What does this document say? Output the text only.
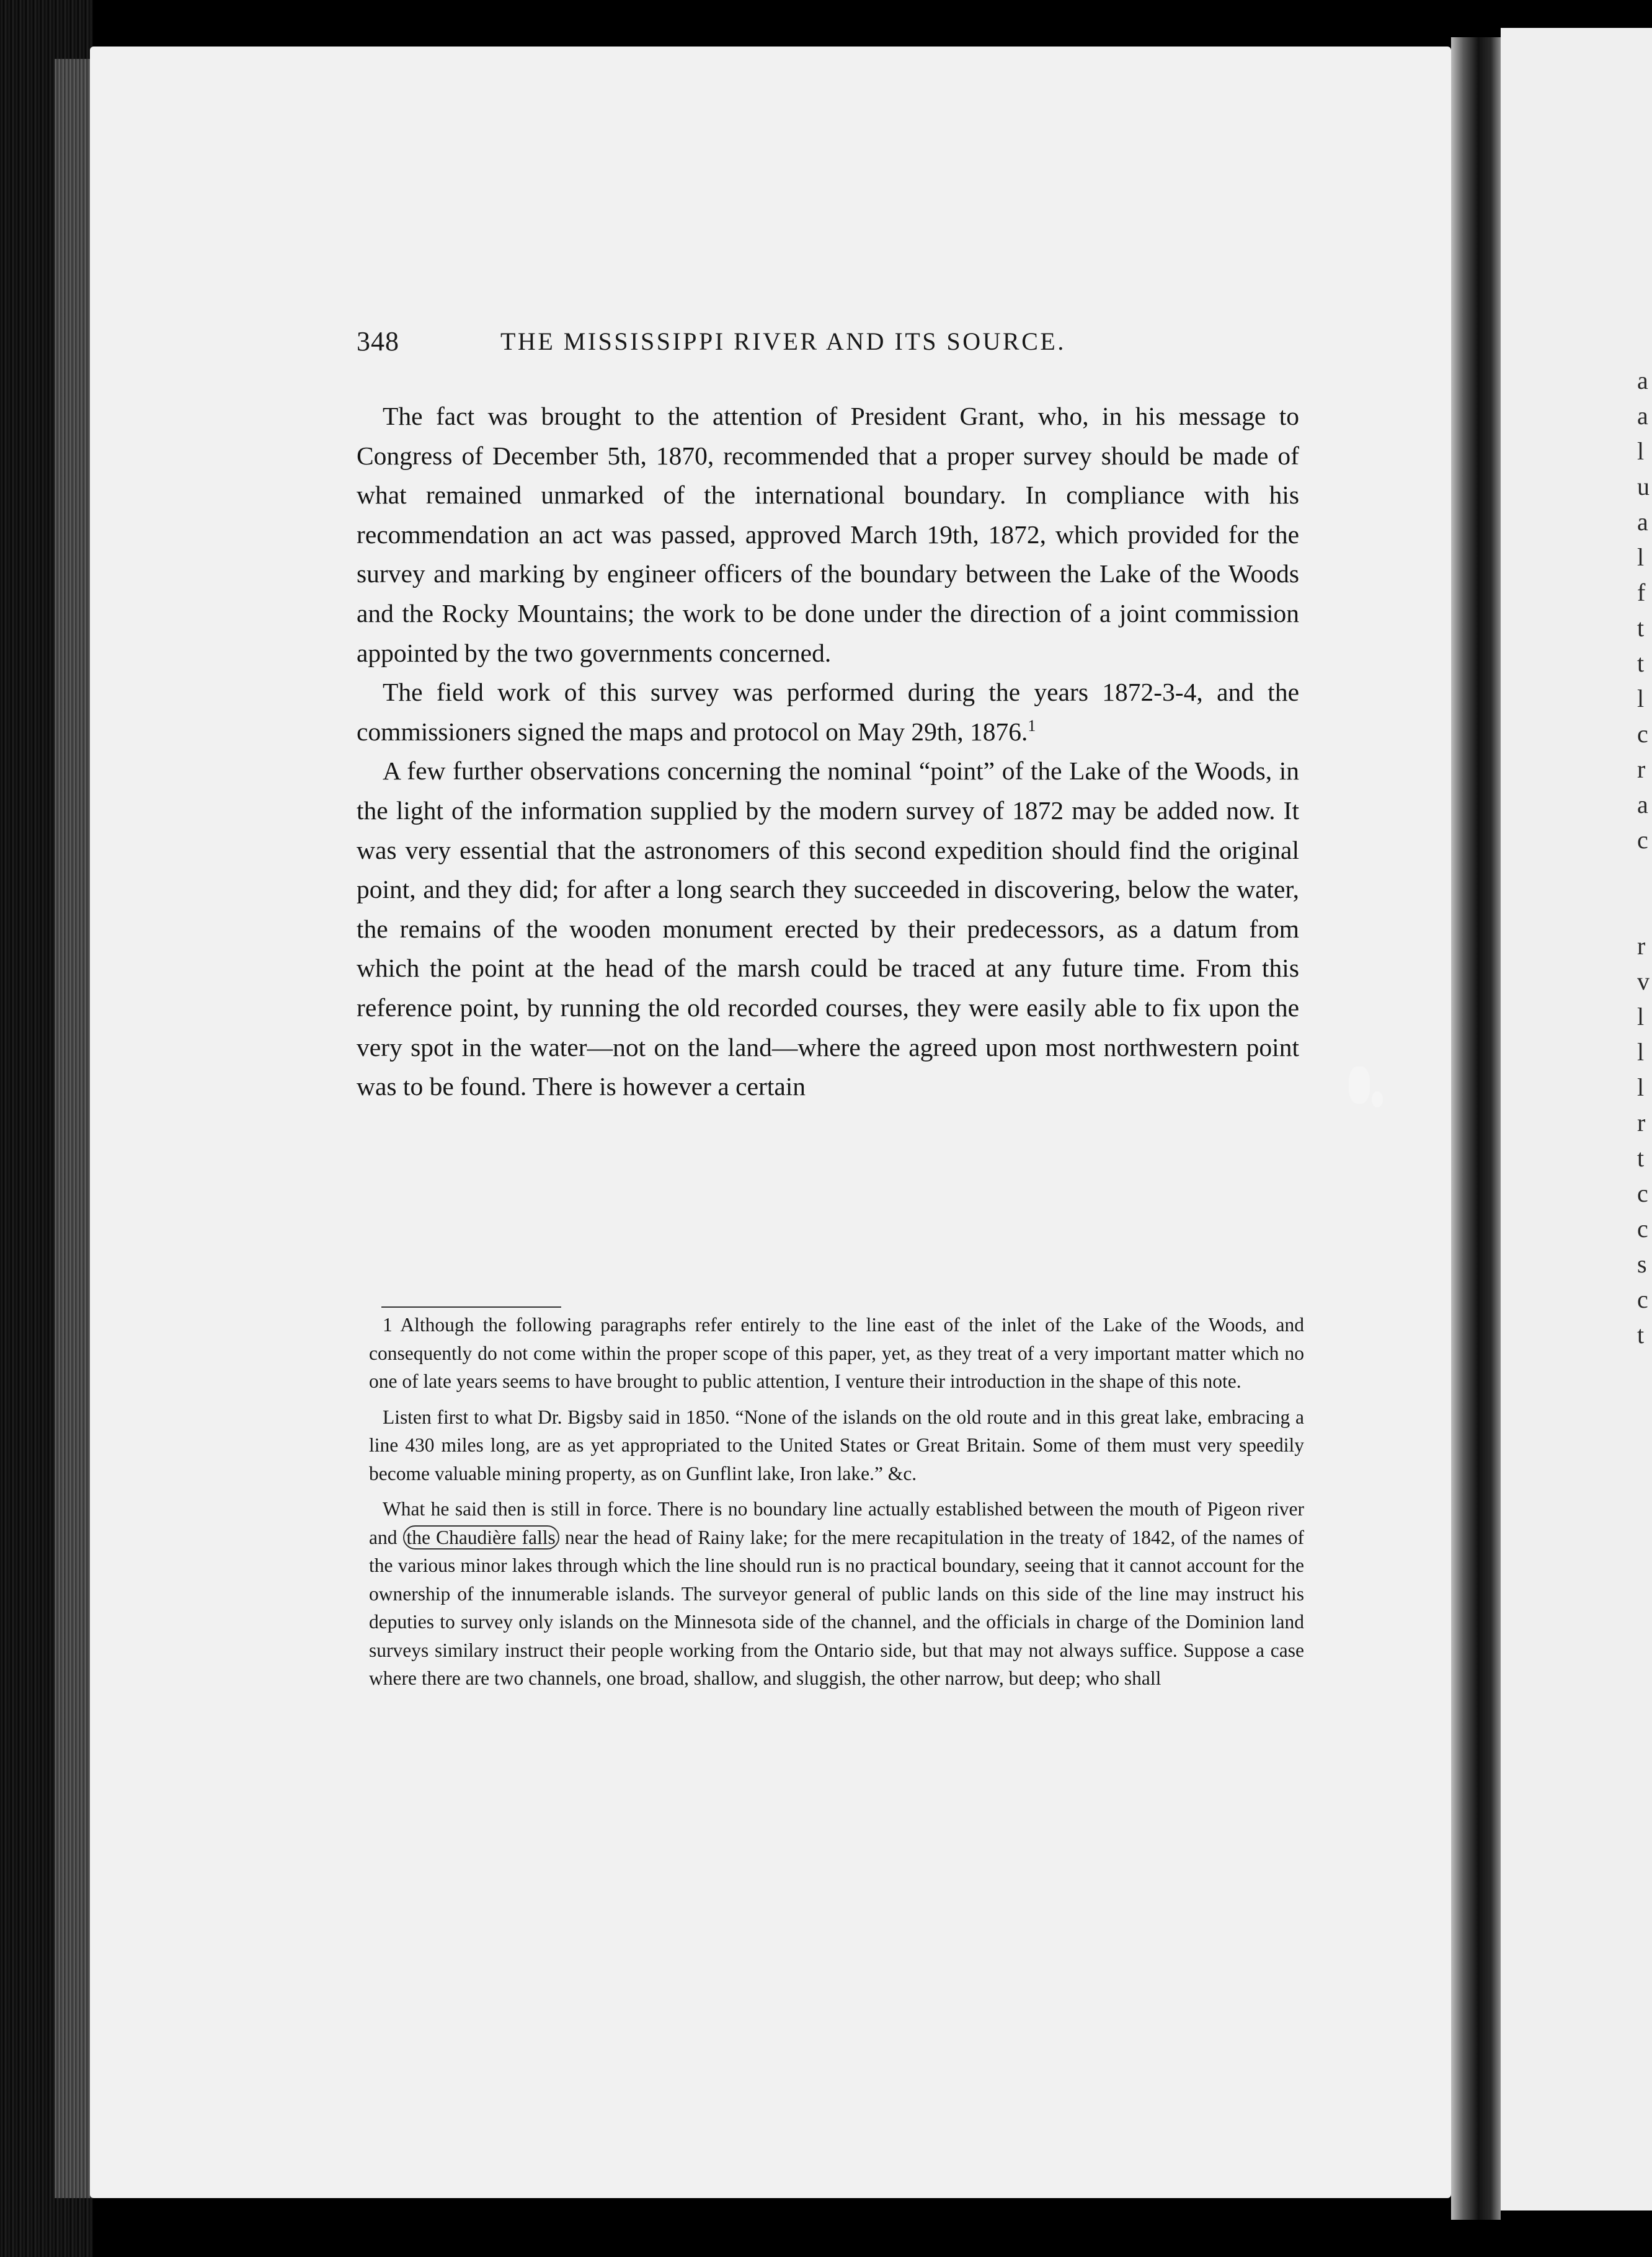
a
a
l
u
a
l
f
t
t
l
c
r
a
c
r
v
l
l
l
r
t
c
c
s
c
t
348	THE MISSISSIPPI RIVER AND ITS SOURCE.

The fact was brought to the attention of President Grant, who, in his message to Congress of December 5th, 1870, recommended that a proper survey should be made of what remained unmarked of the international boundary. In compliance with his recommendation an act was passed, approved March 19th, 1872, which provided for the survey and marking by engineer officers of the boundary between the Lake of the Woods and the Rocky Mountains; the work to be done under the direction of a joint commission appointed by the two governments concerned.

The field work of this survey was performed during the years 1872-3-4, and the commissioners signed the maps and protocol on May 29th, 1876.$^1$

A few further observations concerning the nominal “point” of the Lake of the Woods, in the light of the information supplied by the modern survey of 1872 may be added now. It was very essential that the astronomers of this second expedition should find the original point, and they did; for after a long search they succeeded in discovering, below the water, the remains of the wooden monument erected by their predecessors, as a datum from which the point at the head of the marsh could be traced at any future time. From this reference point, by running the old recorded courses, they were easily able to fix upon the very spot in the water—not on the land—where the agreed upon most northwestern point was to be found. There is however a certain

1 Although the following paragraphs refer entirely to the line east of the inlet of the Lake of the Woods, and consequently do not come within the proper scope of this paper, yet, as they treat of a very important matter which no one of late years seems to have brought to public attention, I venture their introduction in the shape of this note.

Listen first to what Dr. Bigsby said in 1850. “None of the islands on the old route and in this great lake, embracing a line 430 miles long, are as yet appropriated to the United States or Great Britain. Some of them must very speedily become valuable mining property, as on Gunflint lake, Iron lake.” &c.

What he said then is still in force. There is no boundary line actually established between the mouth of Pigeon river and the Chaudière falls near the head of Rainy lake; for the mere recapitulation in the treaty of 1842, of the names of the various minor lakes through which the line should run is no practical boundary, seeing that it cannot account for the ownership of the innumerable islands. The surveyor general of public lands on this side of the line may instruct his deputies to survey only islands on the Minnesota side of the channel, and the officials in charge of the Dominion land surveys similary instruct their people working from the Ontario side, but that may not always suffice. Suppose a case where there are two channels, one broad, shallow, and sluggish, the other narrow, but deep; who shall
